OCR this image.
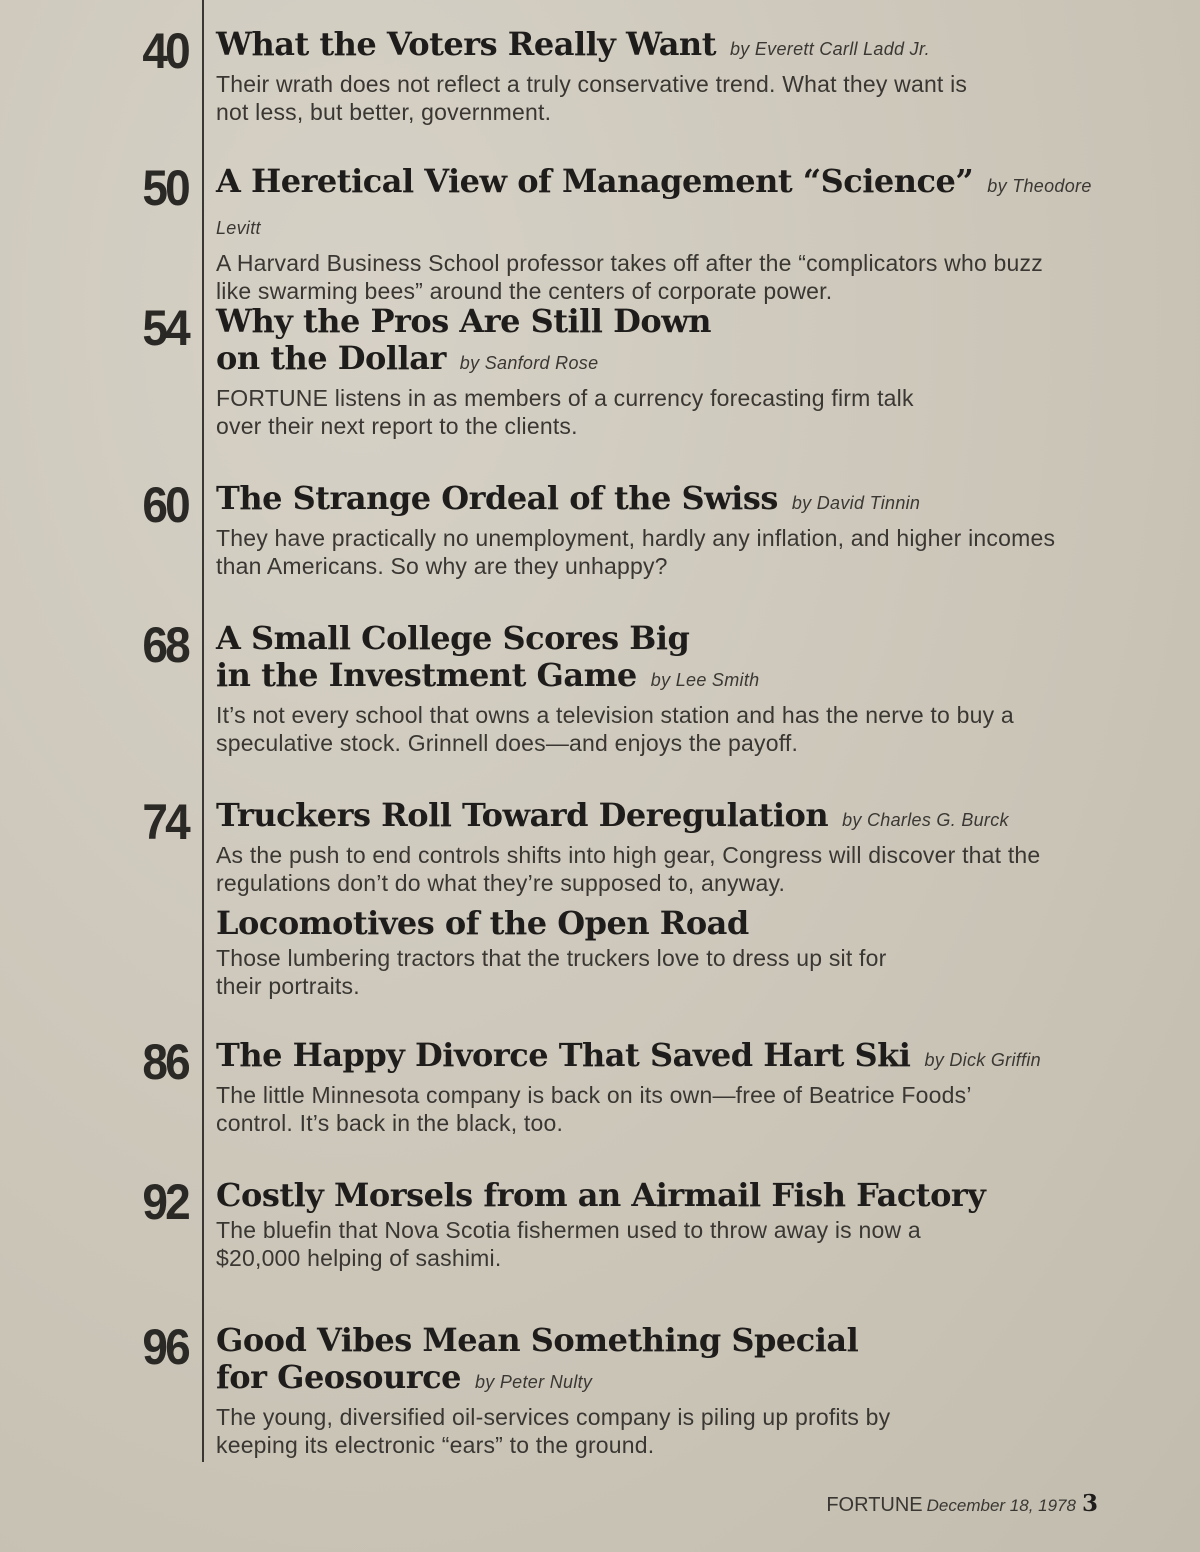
40 What the Voters Really Want by Everett Carll Ladd Jr.

Their wrath does not reflect a truly conservative trend. What they want is not less, but better, government.

50 A Heretical View of Management “Science” by Theodore Levitt

A Harvard Business School professor takes off after the “complicators who buzz like swarming bees” around the centers of corporate power.

54 Why the Pros Are Still Down
on the Dollar by Sanford Rose

FORTUNE listens in as members of a currency forecasting firm talk over their next report to the clients.

60 The Strange Ordeal of the Swiss by David Tinnin

They have practically no unemployment, hardly any inflation, and higher incomes than Americans. So why are they unhappy?

68 A Small College Scores Big
in the Investment Game by Lee Smith

It’s not every school that owns a television station and has the nerve to buy a speculative stock. Grinnell does—and enjoys the payoff.

74 Truckers Roll Toward Deregulation by Charles G. Burck

As the push to end controls shifts into high gear, Congress will discover that the regulations don’t do what they’re supposed to, anyway.

Locomotives of the Open Road

Those lumbering tractors that the truckers love to dress up sit for their portraits.

86 The Happy Divorce That Saved Hart Ski by Dick Griffin

The little Minnesota company is back on its own—free of Beatrice Foods’ control. It’s back in the black, too.

92 Costly Morsels from an Airmail Fish Factory

The bluefin that Nova Scotia fishermen used to throw away is now a $20,000 helping of sashimi.

96 Good Vibes Mean Something Special
for Geosource by Peter Nulty

The young, diversified oil-services company is piling up profits by keeping its electronic “ears” to the ground.

FORTUNE December 18, 1978 3
